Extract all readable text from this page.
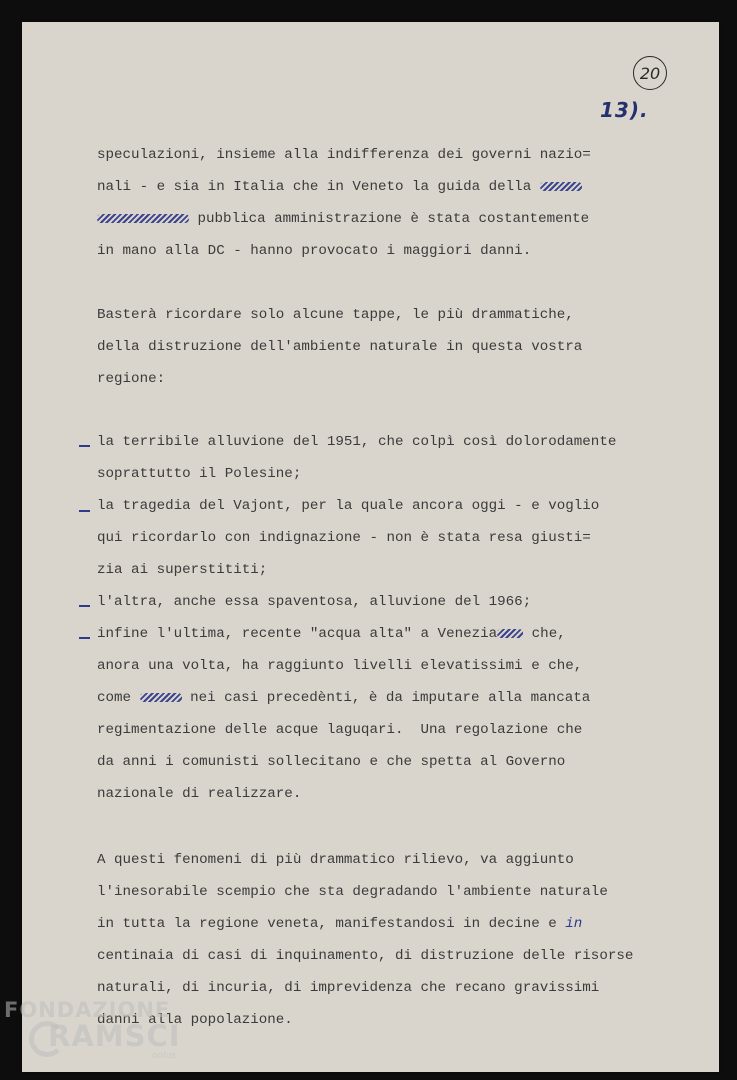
20
13).
speculazioni, insieme alla indifferenza dei governi nazio=
nali - e sia in Italia che in Veneto la guida della
pubblica amministrazione è stata costantemente
in mano alla DC - hanno provocato i maggiori danni.
Basterà ricordare solo alcune tappe, le più drammatiche,
della distruzione dell'ambiente naturale in questa vostra
regione:
la terribile alluvione del 1951, che colpì così dolorodamente
soprattutto il Polesine;
la tragedia del Vajont, per la quale ancora oggi - e voglio
qui ricordarlo con indignazione - non è stata resa giusti=
zia ai superstititi;
l'altra, anche essa spaventosa, alluvione del 1966;
infine l'ultima, recente "acqua alta" a Venezia che,
anora una volta, ha raggiunto livelli elevatissimi e che,
come	nei casi precedènti, è da imputare alla mancata
regimentazione delle acque laguqari.  Una regolazione che
da anni i comunisti sollecitano e che spetta al Governo
nazionale di realizzare.
A questi fenomeni di più drammatico rilievo, va aggiunto
l'inesorabile scempio che sta degradando l'ambiente naturale
in tutta la regione veneta, manifestandosi in decine e in
centinaia di casi di inquinamento, di distruzione delle risorse
naturali, di incuria, di imprevidenza che recano gravissimi
danni alla popolazione.
FONDAZIONE
RAMSCI
onlus
